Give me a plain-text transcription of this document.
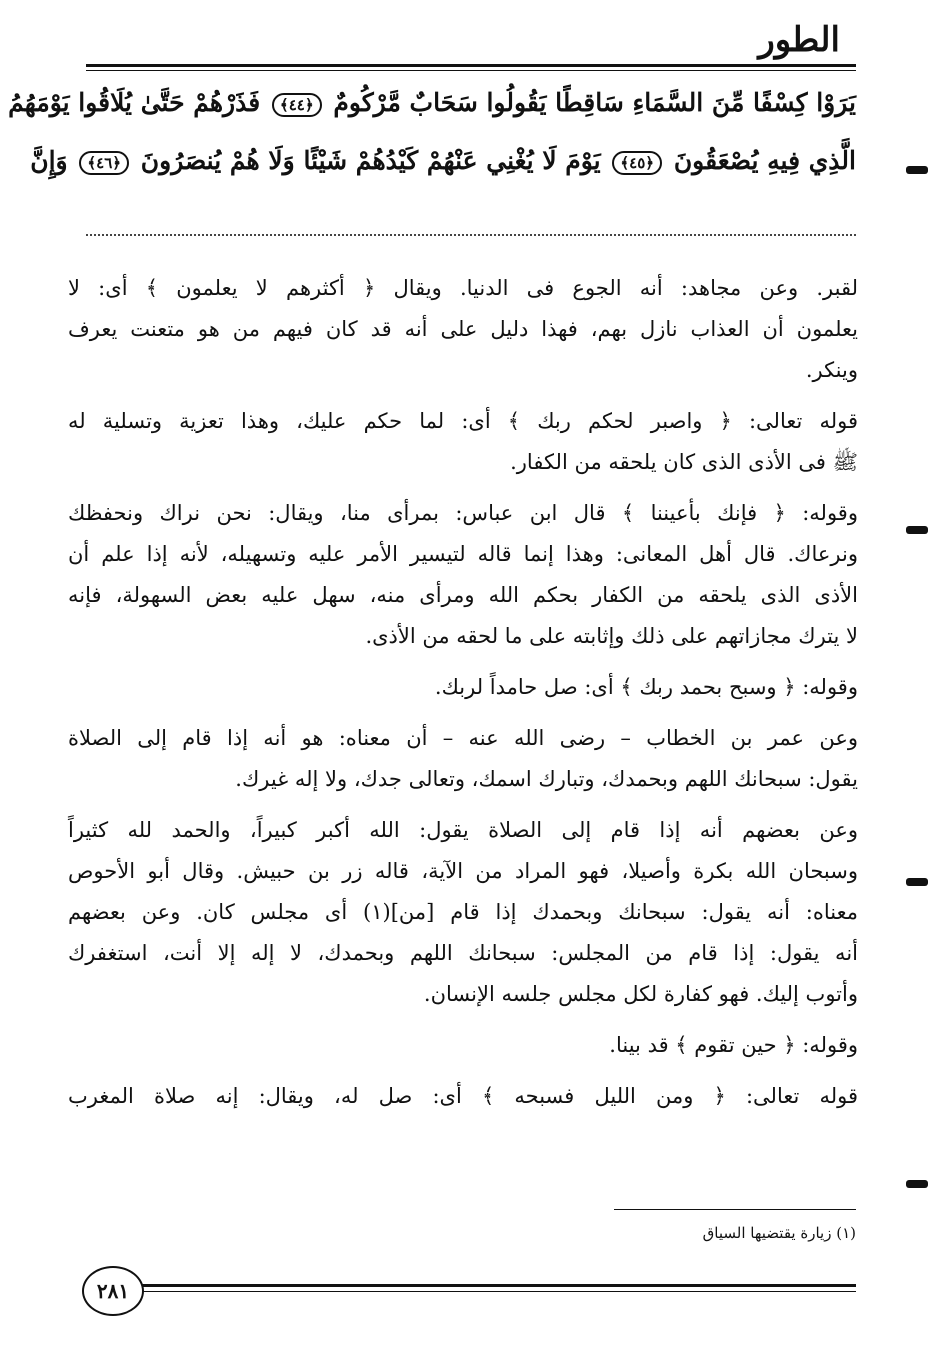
الطور
يَرَوْا كِسْفًا مِّنَ السَّمَاءِ سَاقِطًا يَقُولُوا سَحَابٌ مَّرْكُومٌ ﴿٤٤﴾ فَذَرْهُمْ حَتَّىٰ يُلَاقُوا يَوْمَهُمُ
الَّذِي فِيهِ يُصْعَقُونَ ﴿٤٥﴾ يَوْمَ لَا يُغْنِي عَنْهُمْ كَيْدُهُمْ شَيْئًا وَلَا هُمْ يُنصَرُونَ ﴿٤٦﴾ وَإِنَّ
لقبر. وعن مجاهد: أنه الجوع فى الدنيا. ويقال ﴿ أكثرهم لا يعلمون ﴾ أى: لا
يعلمون أن العذاب نازل بهم، فهذا دليل على أنه قد كان فيهم من هو متعنت يعرف
وينكر.
قوله تعالى: ﴿ واصبر لحكم ربك ﴾ أى: لما حكم عليك، وهذا تعزية وتسلية له
ﷺ فى الأذى الذى كان يلحقه من الكفار.
وقوله: ﴿ فإنك بأعيننا ﴾ قال ابن عباس: بمرأى منا، ويقال: نحن نراك ونحفظك
ونرعاك. قال أهل المعانى: وهذا إنما قاله لتيسير الأمر عليه وتسهيله، لأنه إذا علم أن
الأذى الذى يلحقه من الكفار بحكم الله ومرأى منه، سهل عليه بعض السهولة، فإنه
لا يترك مجازاتهم على ذلك وإثابته على ما لحقه من الأذى.
وقوله: ﴿ وسبح بحمد ربك ﴾ أى: صل حامداً لربك.
وعن عمر بن الخطاب – رضى الله عنه – أن معناه: هو أنه إذا قام إلى الصلاة
يقول: سبحانك اللهم وبحمدك، وتبارك اسمك، وتعالى جدك، ولا إله غيرك.
وعن بعضهم أنه إذا قام إلى الصلاة يقول: الله أكبر كبيراً، والحمد لله كثيراً
وسبحان الله بكرة وأصيلا، فهو المراد من الآية، قاله زر بن حبيش. وقال أبو الأحوص
معناه: أنه يقول: سبحانك وبحمدك إذا قام [من](١) أى مجلس كان. وعن بعضهم
أنه يقول: إذا قام من المجلس: سبحانك اللهم وبحمدك، لا إله إلا أنت، استغفرك
وأتوب إليك. فهو كفارة لكل مجلس جلسه الإنسان.
وقوله: ﴿ حين تقوم ﴾ قد بينا.
قوله تعالى: ﴿ ومن الليل فسبحه ﴾ أى: صل له، ويقال: إنه صلاة المغرب
(١) زيارة يقتضيها السياق
٢٨١
